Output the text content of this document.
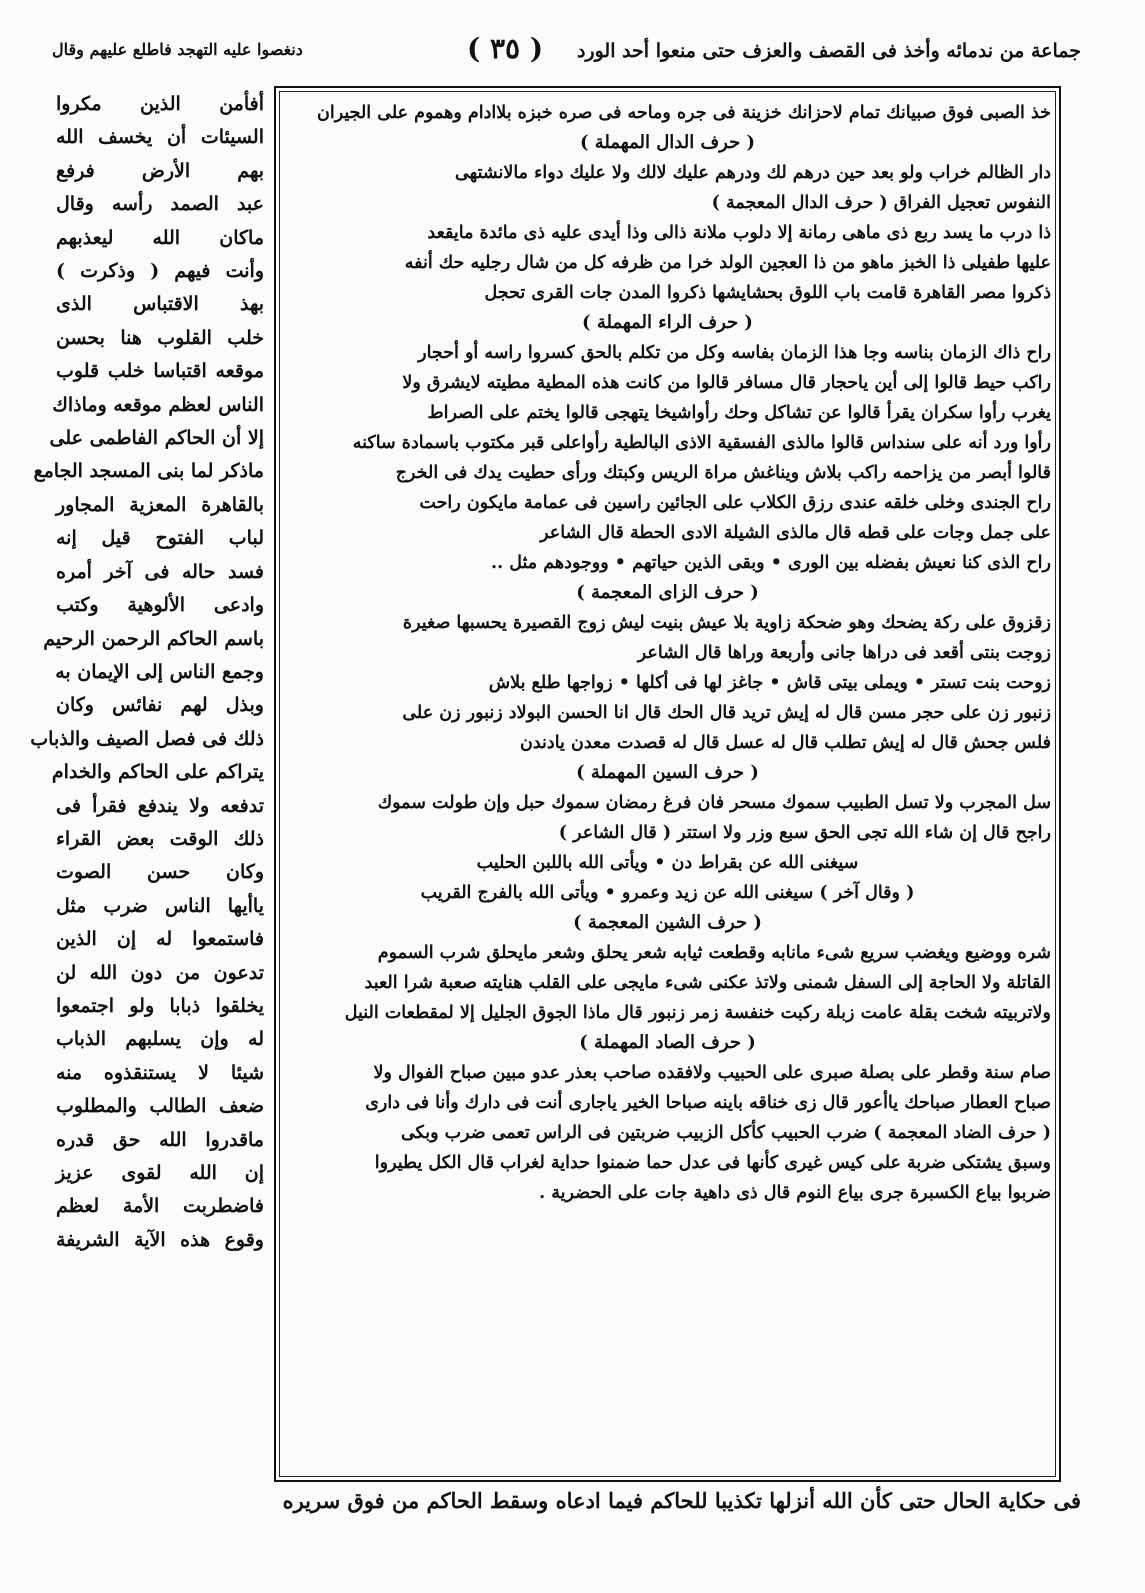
جماعة من ندمائه وأخذ فى القصف والعزف حتى منعوا أحد الورد
( ٣٥ )
دنغصوا عليه التهجد فاطلع عليهم وقال
خذ الصبى فوق صبيانك تمام لاحزانك خزينة فى جره وماحه فى صره خبزه بلاادام وهموم على الجيران
( حرف الدال المهملة )
دار الظالم خراب ولو بعد حين درهم لك ودرهم عليك لالك ولا عليك دواء مالانشتهى
النفوس تعجيل الفراق ( حرف الدال المعجمة )
ذا درب ما يسد ربع ذى ماهى رمانة إلا دلوب ملانة ذالى وذا أيدى عليه ذى مائدة مايقعد
عليها طفيلى ذا الخبز ماهو من ذا العجين الولد خرا من ظرفه كل من شال رجليه حك أنفه
ذكروا مصر القاهرة قامت باب اللوق بحشايشها ذكروا المدن جات القرى تحجل
( حرف الراء المهملة )
راح ذاك الزمان بناسه وجا هذا الزمان بفاسه وكل من تكلم بالحق كسروا راسه أو أحجار
راكب حيط قالوا إلى أين ياحجار قال مسافر قالوا من كانت هذه المطية مطيته لايشرق ولا
يغرب رأوا سكران يقرأ قالوا عن تشاكل وحك رأواشيخا يتهجى قالوا يختم على الصراط
رأوا ورد أنه على سنداس قالوا مالذى الفسقية الاذى البالطية رأواعلى قبر مكتوب باسمادة ساكنه
قالوا أبصر من يزاحمه راكب بلاش ويناغش مراة الريس وكبتك ورأى حطيت يدك فى الخرج
راح الجندى وخلى خلقه عندى رزق الكلاب على الجائين راسين فى عمامة مايكون راحت
على جمل وجات على قطه قال مالذى الشيلة الادى الحطة قال الشاعر
راح الذى كنا نعيش بفضله بين الورى • وبقى الذين حياتهم • ووجودهم مثل ..
( حرف الزاى المعجمة )
زقزوق على ركة يضحك وهو ضحكة زاوية بلا عيش بنيت ليش زوج القصيرة يحسبها صغيرة
زوجت بنتى أقعد فى دراها جانى وأربعة وراها قال الشاعر
زوحت بنت تستر • ويملى بيتى قاش • جاغز لها فى أكلها • زواجها طلع بلاش
زنبور زن على حجر مسن قال له إيش تريد قال الحك قال انا الحسن البولاد زنبور زن على
فلس جحش قال له إيش تطلب قال له عسل قال له قصدت معدن يادندن
( حرف السين المهملة )
سل المجرب ولا تسل الطبيب سموك مسحر فان فرغ رمضان سموك حبل وإن طولت سموك
راجح قال إن شاء الله تجى الحق سبع وزر ولا استتر ( قال الشاعر )
سيغنى الله عن بقراط دن • ويأتى الله باللبن الحليب
( وقال آخر ) سيغنى الله عن زيد وعمرو • ويأتى الله بالفرج القريب
( حرف الشين المعجمة )
شره ووضيع ويغضب سريع شىء مانابه وقطعت ثيابه شعر يحلق وشعر مايحلق شرب السموم
القاتلة ولا الحاجة إلى السفل شمنى ولاتذ عكنى شىء مايجى على القلب هنايته صعبة شرا العبد
ولاتربيته شخت بقلة عامت زبلة ركبت خنفسة زمر زنبور قال ماذا الجوق الجليل إلا لمقطعات النيل
( حرف الصاد المهملة )
صام سنة وقطر على بصلة صبرى على الحبيب ولافقده صاحب بعذر عدو مبين صباح الفوال ولا
صباح العطار صباحك ياأعور قال زى خناقه باينه صباحا الخير ياجارى أنت فى دارك وأنا فى دارى
( حرف الضاد المعجمة ) ضرب الحبيب كأكل الزبيب ضربتين فى الراس تعمى ضرب وبكى
وسبق يشتكى ضربة على كيس غيرى كأنها فى عدل حما ضمنوا حداية لغراب قال الكل يطيروا
ضربوا بياع الكسبرة جرى بياع النوم قال ذى داهية جات على الحضرية .
أفأمن الذين مكروا
السيئات أن يخسف الله
بهم الأرض فرفع
عبد الصمد رأسه وقال
ماكان الله ليعذبهم
وأنت فيهم ( وذكرت )
بهذ الاقتباس الذى
خلب القلوب هنا بحسن
موقعه اقتباسا خلب قلوب
الناس لعظم موقعه وماذاك
إلا أن الحاكم الفاطمى على
ماذكر لما بنى المسجد الجامع
بالقاهرة المعزية المجاور
لباب الفتوح قيل إنه
فسد حاله فى آخر أمره
وادعى الألوهية وكتب
باسم الحاكم الرحمن الرحيم
وجمع الناس إلى الإيمان به
وبذل لهم نفائس وكان
ذلك فى فصل الصيف والذباب
يتراكم على الحاكم والخدام
تدفعه ولا يندفع فقرأ فى
ذلك الوقت بعض القراء
وكان حسن الصوت
ياأيها الناس ضرب مثل
فاستمعوا له إن الذين
تدعون من دون الله لن
يخلقوا ذبابا ولو اجتمعوا
له وإن يسلبهم الذباب
شيئا لا يستنقذوه منه
ضعف الطالب والمطلوب
ماقدروا الله حق قدره
إن الله لقوى عزيز
فاضطربت الأمة لعظم
وقوع هذه الآية الشريفة
فى حكاية الحال حتى كأن الله أنزلها تكذيبا للحاكم فيما ادعاه وسقط الحاكم من فوق سريره
